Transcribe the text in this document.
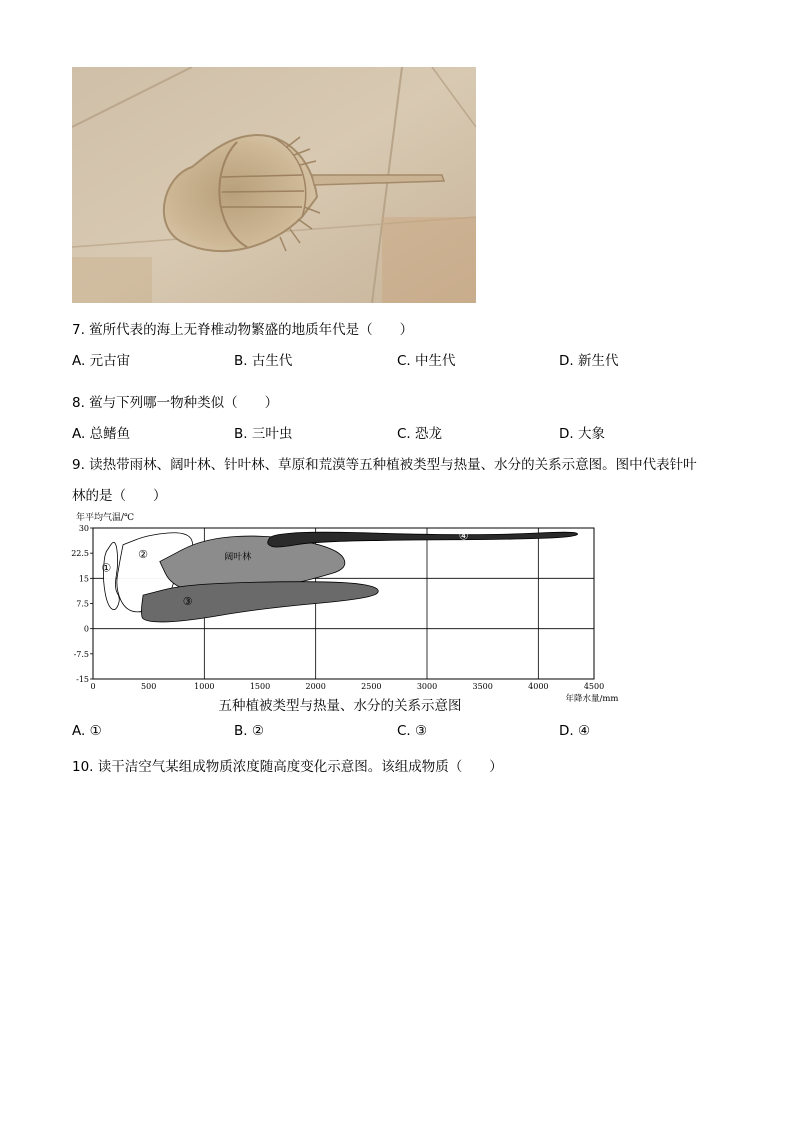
7. 鲎所代表的海上无脊椎动物繁盛的地质年代是（　　）
A. 元古宙	B. 古生代	C. 中生代	D. 新生代
8. 鲎与下列哪一物种类似（　　）
A. 总鳍鱼	B. 三叶虫	C. 恐龙	D. 大象
9. 读热带雨林、阔叶林、针叶林、草原和荒漠等五种植被类型与热量、水分的关系示意图。图中代表针叶
林的是（　　）
年平均气温/℃
①
②	阔叶林
③
④
0	500	1000	1500	2000	2500	3000	3500	4000	4500
30
22.5
15
7.5
0
-7.5
-15
年降水量/mm
五种植被类型与热量、水分的关系示意图
A. ①	B. ②	C. ③	D. ④
10. 读干洁空气某组成物质浓度随高度变化示意图。该组成物质（　　）
